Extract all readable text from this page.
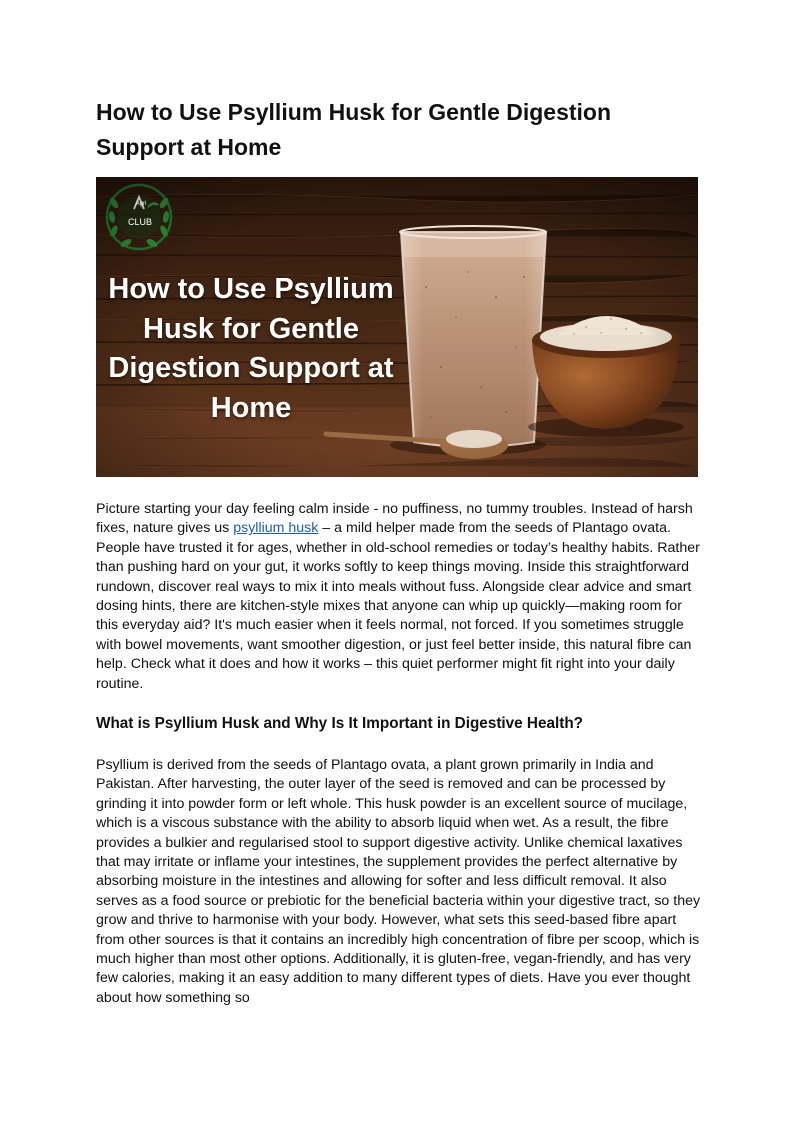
How to Use Psyllium Husk for Gentle Digestion Support at Home
Agri
CLUB
How to Use Psyllium Husk for Gentle Digestion Support at Home

Picture starting your day feeling calm inside - no puffiness, no tummy troubles. Instead of harsh fixes, nature gives us psyllium husk – a mild helper made from the seeds of Plantago ovata. People have trusted it for ages, whether in old-school remedies or today’s healthy habits. Rather than pushing hard on your gut, it works softly to keep things moving. Inside this straightforward rundown, discover real ways to mix it into meals without fuss. Alongside clear advice and smart dosing hints, there are kitchen-style mixes that anyone can whip up quickly—making room for this everyday aid? It's much easier when it feels normal, not forced. If you sometimes struggle with bowel movements, want smoother digestion, or just feel better inside, this natural fibre can help. Check what it does and how it works – this quiet performer might fit right into your daily routine.

What is Psyllium Husk and Why Is It Important in Digestive Health?

Psyllium is derived from the seeds of Plantago ovata, a plant grown primarily in India and Pakistan. After harvesting, the outer layer of the seed is removed and can be processed by grinding it into powder form or left whole. This husk powder is an excellent source of mucilage, which is a viscous substance with the ability to absorb liquid when wet. As a result, the fibre provides a bulkier and regularised stool to support digestive activity. Unlike chemical laxatives that may irritate or inflame your intestines, the supplement provides the perfect alternative by absorbing moisture in the intestines and allowing for softer and less difficult removal. It also serves as a food source or prebiotic for the beneficial bacteria within your digestive tract, so they grow and thrive to harmonise with your body. However, what sets this seed-based fibre apart from other sources is that it contains an incredibly high concentration of fibre per scoop, which is much higher than most other options. Additionally, it is gluten-free, vegan-friendly, and has very few calories, making it an easy addition to many different types of diets. Have you ever thought about how something so
